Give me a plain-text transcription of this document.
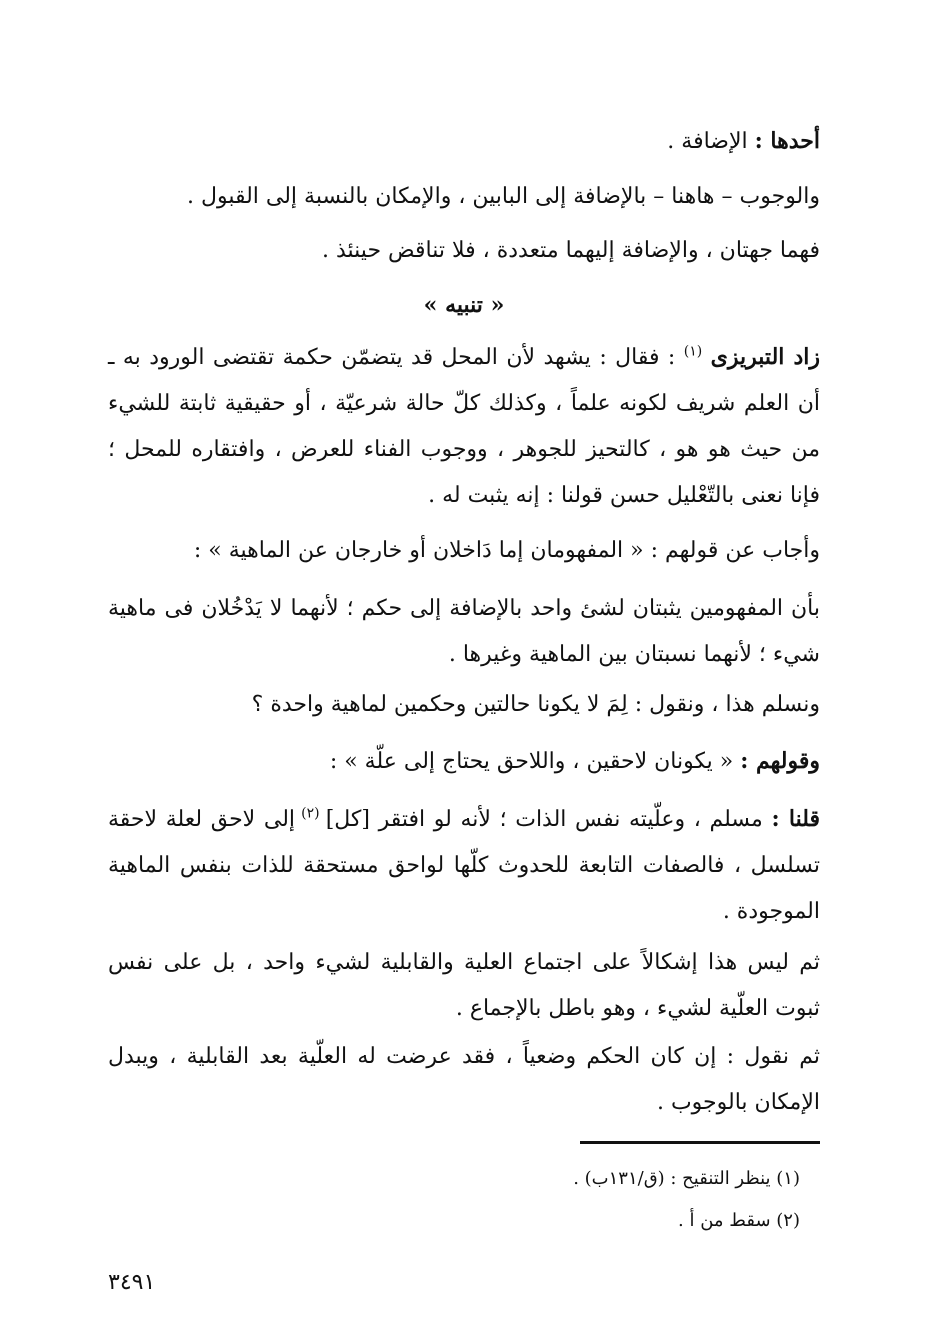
أحدها : الإضافة .
والوجوب – هاهنا – بالإضافة إلى البابين ، والإمكان بالنسبة إلى القبول .
فهما جهتان ، والإضافة إليهما متعددة ، فلا تناقض حينئذ .
« تنبيه »
زاد التبريزى $^{(١)}$ : فقال : يشهد لأن المحل قد يتضمّن حكمة تقتضى الورود به ـ أن العلم شريف لكونه علماً ، وكذلك كلّ حالة شرعيّة ، أو حقيقية ثابتة للشيء من حيث هو هو ، كالتحيز للجوهر ، ووجوب الفناء للعرض ، وافتقاره للمحل ؛ فإنا نعنى بالتّعْليل حسن قولنا : إنه يثبت له .
وأجاب عن قولهم : « المفهومان إما دَاخلان أو خارجان عن الماهية » :
بأن المفهومين يثبتان لشئ واحد بالإضافة إلى حكم ؛ لأنهما لا يَدْخُلان فى ماهية شيء ؛ لأنهما نسبتان بين الماهية وغيرها .
ونسلم هذا ، ونقول : لِمَ لا يكونا حالتين وحكمين لماهية واحدة ؟
وقولهم : « يكونان لاحقين ، واللاحق يحتاج إلى علّة » :
قلنا : مسلم ، وعلّيته نفس الذات ؛ لأنه لو افتقر [كل] $^{(٢)}$ إلى لاحق لعلة لاحقة تسلسل ، فالصفات التابعة للحدوث كلّها لواحق مستحقة للذات بنفس الماهية الموجودة .
ثم ليس هذا إشكالاً على اجتماع العلية والقابلية لشيء واحد ، بل على نفس ثبوت العلّية لشيء ، وهو باطل بالإجماع .
ثم نقول : إن كان الحكم وضعياً ، فقد عرضت له العلّية بعد القابلية ، ويبدل الإمكان بالوجوب .
(١) ينظر التنقيح : (ق/١٣١ب) .
(٢) سقط من أ .
٣٤٩١
